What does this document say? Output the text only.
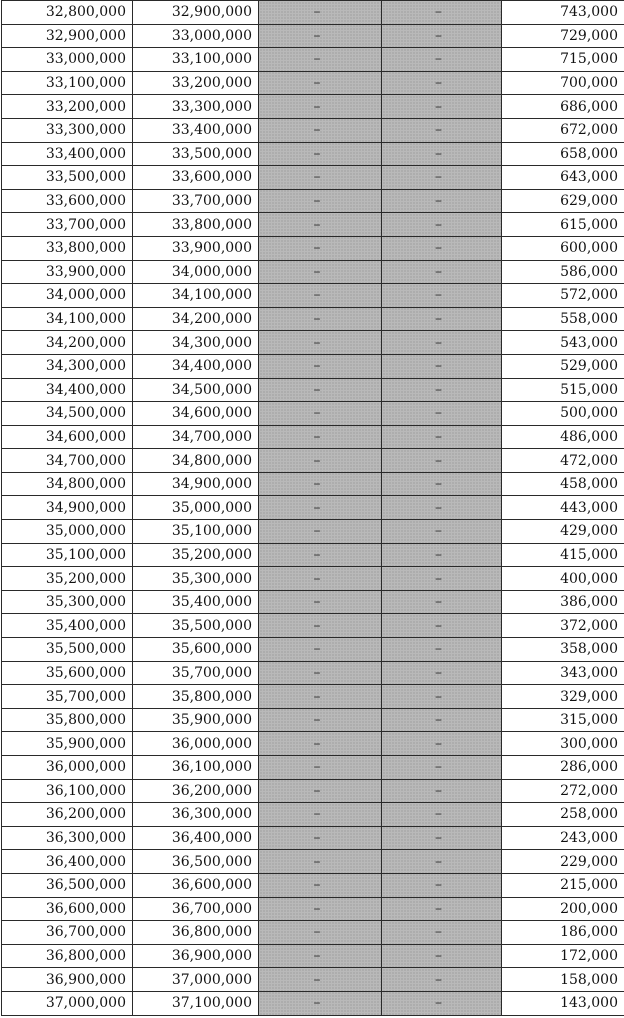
32,800,000	32,900,000	–	–	743,000
32,900,000	33,000,000	–	–	729,000
33,000,000	33,100,000	–	–	715,000
33,100,000	33,200,000	–	–	700,000
33,200,000	33,300,000	–	–	686,000
33,300,000	33,400,000	–	–	672,000
33,400,000	33,500,000	–	–	658,000
33,500,000	33,600,000	–	–	643,000
33,600,000	33,700,000	–	–	629,000
33,700,000	33,800,000	–	–	615,000
33,800,000	33,900,000	–	–	600,000
33,900,000	34,000,000	–	–	586,000
34,000,000	34,100,000	–	–	572,000
34,100,000	34,200,000	–	–	558,000
34,200,000	34,300,000	–	–	543,000
34,300,000	34,400,000	–	–	529,000
34,400,000	34,500,000	–	–	515,000
34,500,000	34,600,000	–	–	500,000
34,600,000	34,700,000	–	–	486,000
34,700,000	34,800,000	–	–	472,000
34,800,000	34,900,000	–	–	458,000
34,900,000	35,000,000	–	–	443,000
35,000,000	35,100,000	–	–	429,000
35,100,000	35,200,000	–	–	415,000
35,200,000	35,300,000	–	–	400,000
35,300,000	35,400,000	–	–	386,000
35,400,000	35,500,000	–	–	372,000
35,500,000	35,600,000	–	–	358,000
35,600,000	35,700,000	–	–	343,000
35,700,000	35,800,000	–	–	329,000
35,800,000	35,900,000	–	–	315,000
35,900,000	36,000,000	–	–	300,000
36,000,000	36,100,000	–	–	286,000
36,100,000	36,200,000	–	–	272,000
36,200,000	36,300,000	–	–	258,000
36,300,000	36,400,000	–	–	243,000
36,400,000	36,500,000	–	–	229,000
36,500,000	36,600,000	–	–	215,000
36,600,000	36,700,000	–	–	200,000
36,700,000	36,800,000	–	–	186,000
36,800,000	36,900,000	–	–	172,000
36,900,000	37,000,000	–	–	158,000
37,000,000	37,100,000	–	–	143,000
